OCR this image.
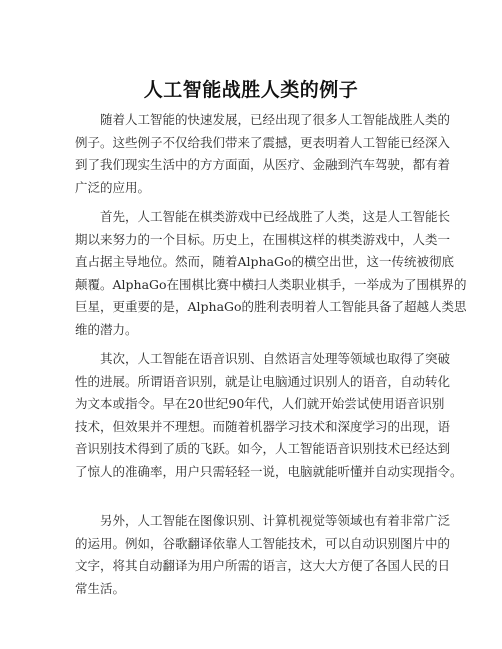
人工智能战胜人类的例子
随着人工智能的快速发展，已经出现了很多人工智能战胜人类的
例子。这些例子不仅给我们带来了震撼，更表明着人工智能已经深入
到了我们现实生活中的方方面面，从医疗、金融到汽车驾驶，都有着
广泛的应用。
首先，人工智能在棋类游戏中已经战胜了人类，这是人工智能长
期以来努力的一个目标。历史上，在围棋这样的棋类游戏中，人类一
直占据主导地位。然而，随着AlphaGo的横空出世，这一传统被彻底
颠覆。AlphaGo在围棋比赛中横扫人类职业棋手，一举成为了围棋界的
巨星，更重要的是，AlphaGo的胜利表明着人工智能具备了超越人类思
维的潜力。
其次，人工智能在语音识别、自然语言处理等领域也取得了突破
性的进展。所谓语音识别，就是让电脑通过识别人的语音，自动转化
为文本或指令。早在20世纪90年代，人们就开始尝试使用语音识别
技术，但效果并不理想。而随着机器学习技术和深度学习的出现，语
音识别技术得到了质的飞跃。如今，人工智能语音识别技术已经达到
了惊人的准确率，用户只需轻轻一说，电脑就能听懂并自动实现指令。
另外，人工智能在图像识别、计算机视觉等领域也有着非常广泛
的运用。例如，谷歌翻译依靠人工智能技术，可以自动识别图片中的
文字，将其自动翻译为用户所需的语言，这大大方便了各国人民的日
常生活。
